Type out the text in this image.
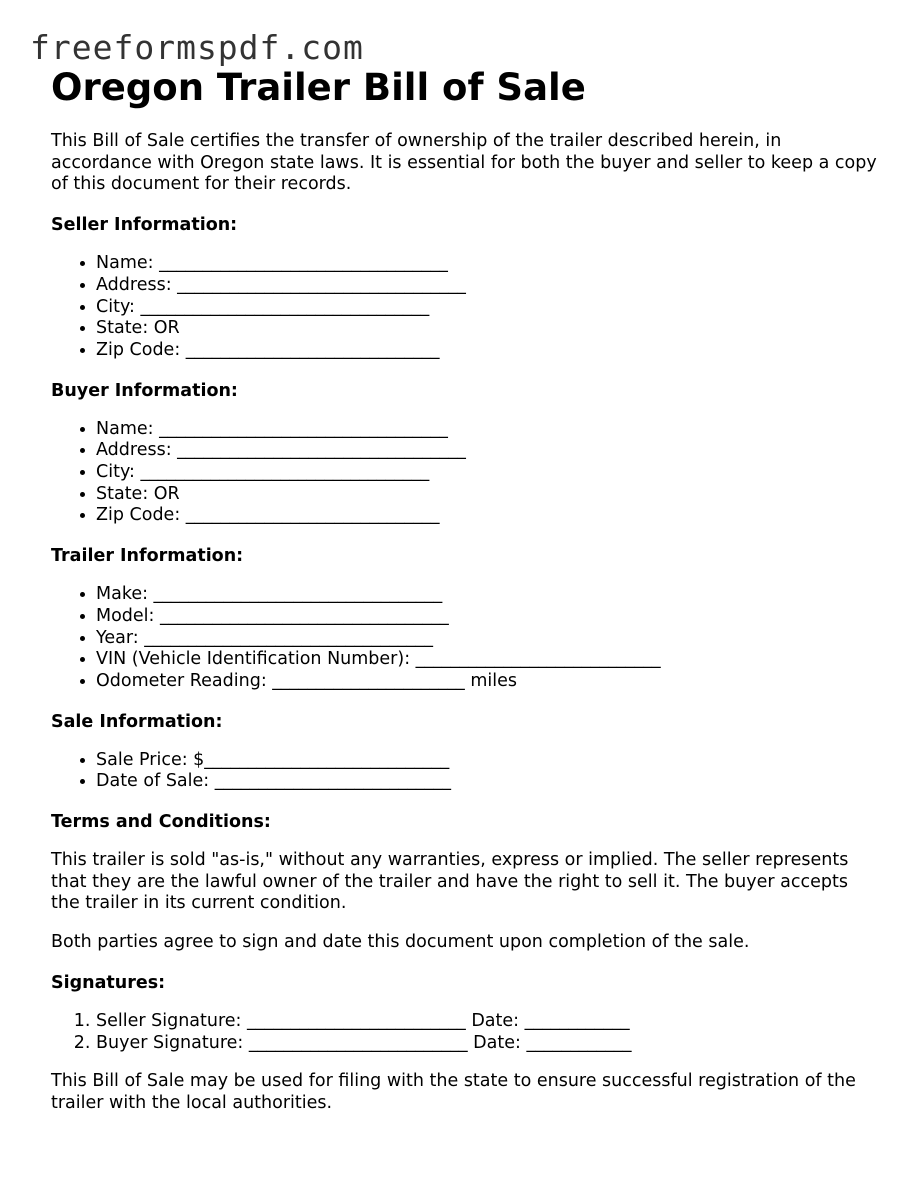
freeformspdf.com
Oregon Trailer Bill of Sale

This Bill of Sale certifies the transfer of ownership of the trailer described herein, in accordance with Oregon state laws. It is essential for both the buyer and seller to keep a copy of this document for their records.

Seller Information:
• Name: _________________________________
• Address: _________________________________
• City: _________________________________
• State: OR
• Zip Code: _____________________________
Buyer Information:
• Name: _________________________________
• Address: _________________________________
• City: _________________________________
• State: OR
• Zip Code: _____________________________
Trailer Information:
• Make: _________________________________
• Model: _________________________________
• Year: _________________________________
• VIN (Vehicle Identification Number): ____________________________
• Odometer Reading: ______________________ miles
Sale Information:
• Sale Price: $____________________________
• Date of Sale: ___________________________
Terms and Conditions:

This trailer is sold "as-is," without any warranties, express or implied. The seller represents that they are the lawful owner of the trailer and have the right to sell it. The buyer accepts the trailer in its current condition.

Both parties agree to sign and date this document upon completion of the sale.

Signatures:
1. Seller Signature: _________________________ Date: ____________
2. Buyer Signature: _________________________ Date: ____________

This Bill of Sale may be used for filing with the state to ensure successful registration of the trailer with the local authorities.
